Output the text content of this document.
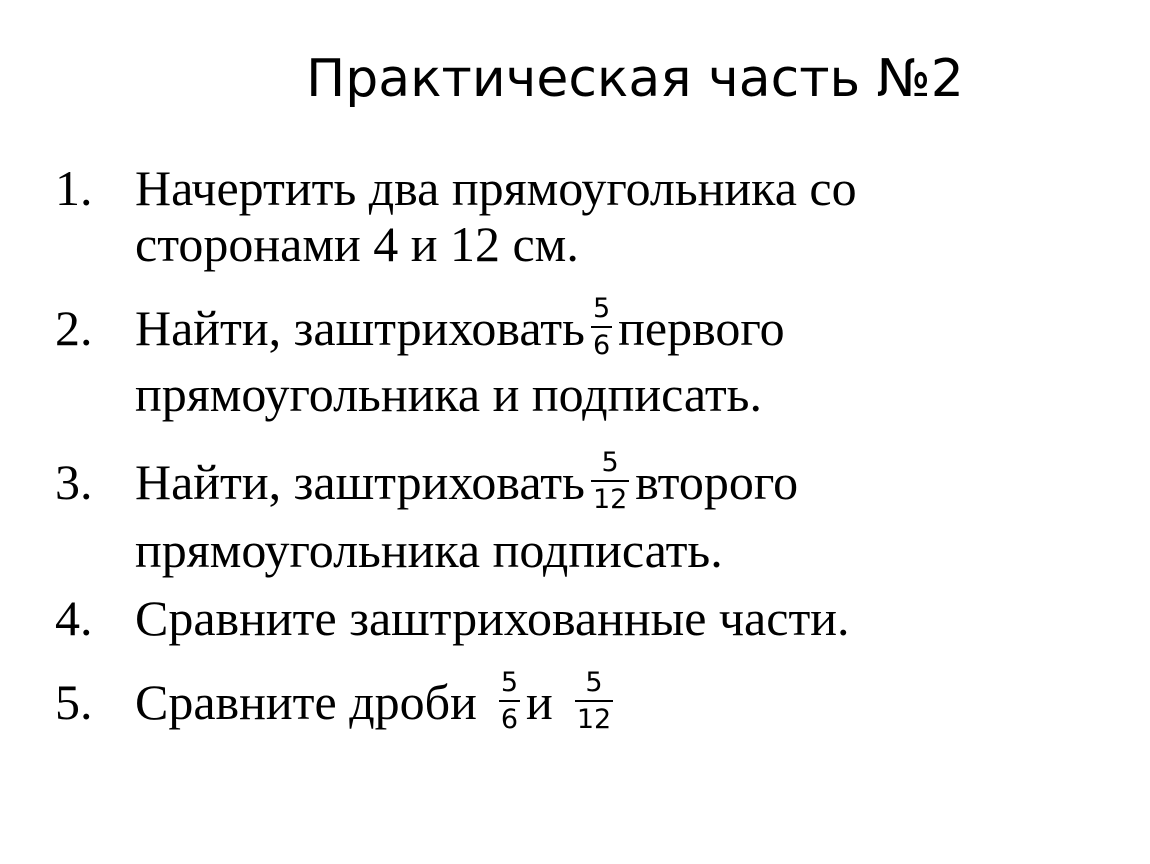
Практическая часть №2
1. Начертить два прямоугольника со
сторонами 4 и 12 см.
2. Найти, заштриховать $\frac{5}{6}$ первого
прямоугольника и подписать.
3. Найти, заштриховать $\frac{5}{12}$ второго
прямоугольника подписать.
4. Сравните заштрихованные части.
5. Сравните дроби $\frac{5}{6}$ и $\frac{5}{12}$
